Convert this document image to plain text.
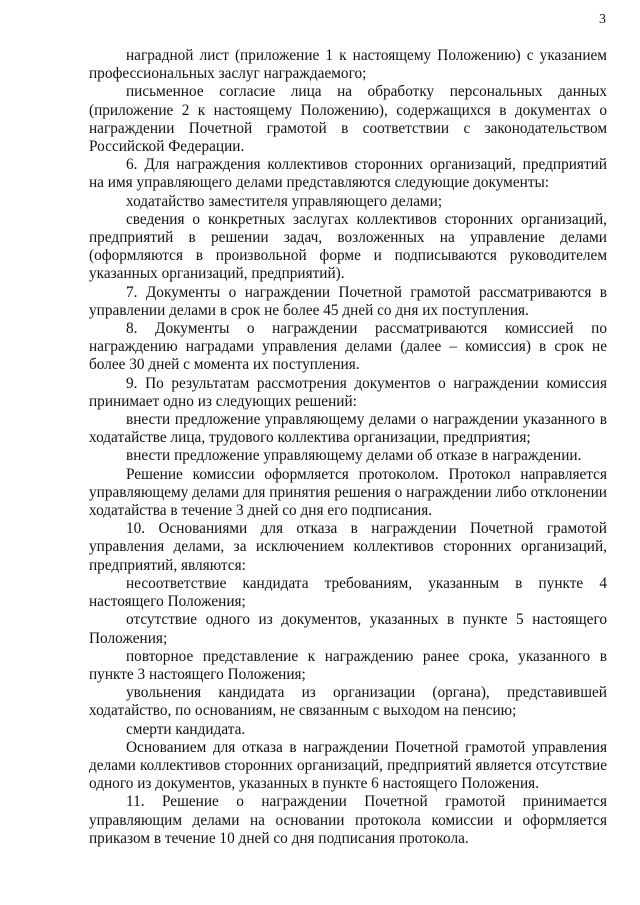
3

наградной лист (приложение 1 к настоящему Положению) с указанием профессиональных заслуг награждаемого;

письменное согласие лица на обработку персональных данных (приложение 2 к настоящему Положению), содержащихся в документах о награждении Почетной грамотой в соответствии с законодательством Российской Федерации.

6. Для награждения коллективов сторонних организаций, предприятий на имя управляющего делами представляются следующие документы:

ходатайство заместителя управляющего делами;

сведения о конкретных заслугах коллективов сторонних организаций, предприятий в решении задач, возложенных на управление делами (оформляются в произвольной форме и подписываются руководителем указанных организаций, предприятий).

7. Документы о награждении Почетной грамотой рассматриваются в управлении делами в срок не более 45 дней со дня их поступления.

8. Документы о награждении рассматриваются комиссией по награждению наградами управления делами (далее – комиссия) в срок не более 30 дней с момента их поступления.

9. По результатам рассмотрения документов о награждении комиссия принимает одно из следующих решений:

внести предложение управляющему делами о награждении указанного в ходатайстве лица, трудового коллектива организации, предприятия;

внести предложение управляющему делами об отказе в награждении.

Решение комиссии оформляется протоколом. Протокол направляется управляющему делами для принятия решения о награждении либо отклонении ходатайства в течение 3 дней со дня его подписания.

10. Основаниями для отказа в награждении Почетной грамотой управления делами, за исключением коллективов сторонних организаций, предприятий, являются:

несоответствие кандидата требованиям, указанным в пункте 4 настоящего Положения;

отсутствие одного из документов, указанных в пункте 5 настоящего Положения;

повторное представление к награждению ранее срока, указанного в пункте 3 настоящего Положения;

увольнения кандидата из организации (органа), представившей ходатайство, по основаниям, не связанным с выходом на пенсию;

смерти кандидата.

Основанием для отказа в награждении Почетной грамотой управления делами коллективов сторонних организаций, предприятий является отсутствие одного из документов, указанных в пункте 6 настоящего Положения.

11. Решение о награждении Почетной грамотой принимается управляющим делами на основании протокола комиссии и оформляется приказом в течение 10 дней со дня подписания протокола.
